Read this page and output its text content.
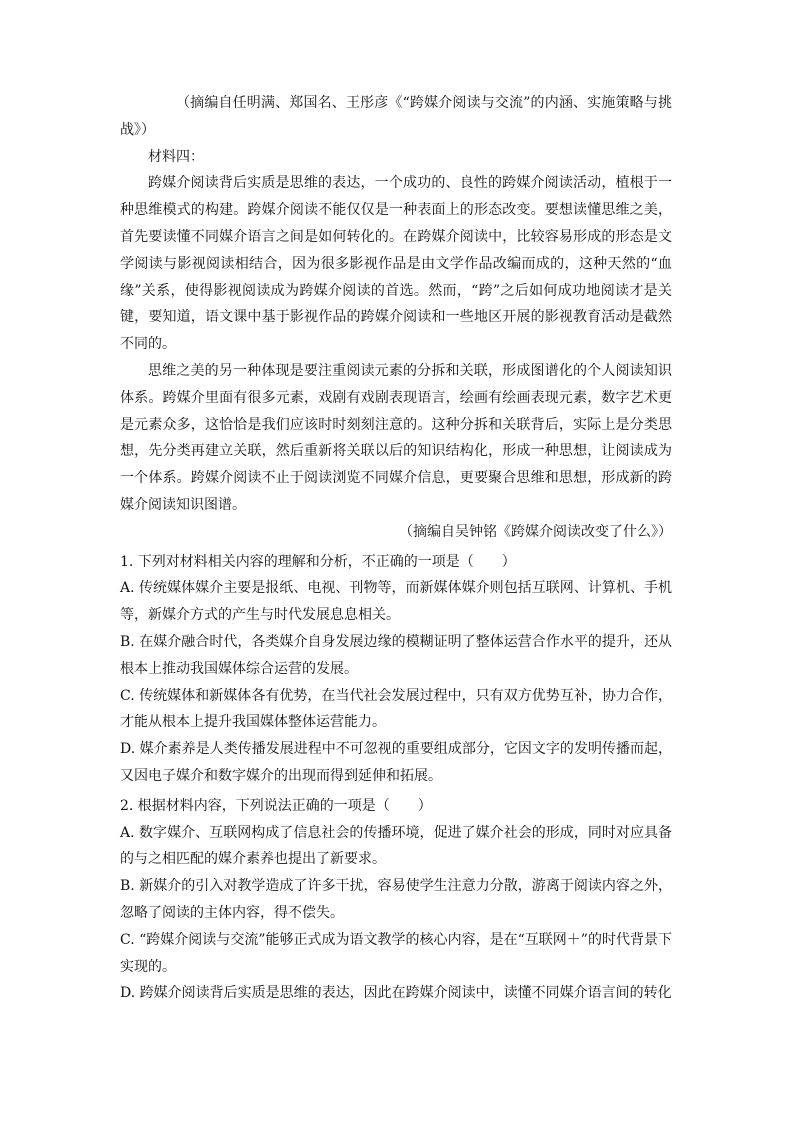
（摘编自任明满、郑国名、王彤彦《“跨媒介阅读与交流”的内涵、实施策略与挑战》）

材料四：

跨媒介阅读背后实质是思维的表达，一个成功的、良性的跨媒介阅读活动，植根于一种思维模式的构建。跨媒介阅读不能仅仅是一种表面上的形态改变。要想读懂思维之美，首先要读懂不同媒介语言之间是如何转化的。在跨媒介阅读中，比较容易形成的形态是文学阅读与影视阅读相结合，因为很多影视作品是由文学作品改编而成的，这种天然的“血缘”关系，使得影视阅读成为跨媒介阅读的首选。然而，“跨”之后如何成功地阅读才是关键，要知道，语文课中基于影视作品的跨媒介阅读和一些地区开展的影视教育活动是截然不同的。

思维之美的另一种体现是要注重阅读元素的分拆和关联，形成图谱化的个人阅读知识体系。跨媒介里面有很多元素，戏剧有戏剧表现语言，绘画有绘画表现元素，数字艺术更是元素众多，这恰恰是我们应该时时刻刻注意的。这种分拆和关联背后，实际上是分类思想，先分类再建立关联，然后重新将关联以后的知识结构化，形成一种思想，让阅读成为一个体系。跨媒介阅读不止于阅读浏览不同媒介信息，更要聚合思维和思想，形成新的跨媒介阅读知识图谱。

（摘编自吴钟铭《跨媒介阅读改变了什么》）

1. 下列对材料相关内容的理解和分析，不正确的一项是（　　）

A. 传统媒体媒介主要是报纸、电视、刊物等，而新媒体媒介则包括互联网、计算机、手机等，新媒介方式的产生与时代发展息息相关。

B. 在媒介融合时代，各类媒介自身发展边缘的模糊证明了整体运营合作水平的提升，还从根本上推动我国媒体综合运营的发展。

C. 传统媒体和新媒体各有优势，在当代社会发展过程中，只有双方优势互补，协力合作，才能从根本上提升我国媒体整体运营能力。

D. 媒介素养是人类传播发展进程中不可忽视的重要组成部分，它因文字的发明传播而起，又因电子媒介和数字媒介的出现而得到延伸和拓展。

2. 根据材料内容，下列说法正确的一项是（　　）

A. 数字媒介、互联网构成了信息社会的传播环境，促进了媒介社会的形成，同时对应具备的与之相匹配的媒介素养也提出了新要求。

B. 新媒介的引入对教学造成了许多干扰，容易使学生注意力分散，游离于阅读内容之外，忽略了阅读的主体内容，得不偿失。

C. “跨媒介阅读与交流”能够正式成为语文教学的核心内容，是在“互联网＋”的时代背景下实现的。

D. 跨媒介阅读背后实质是思维的表达，因此在跨媒介阅读中，读懂不同媒介语言间的转化
